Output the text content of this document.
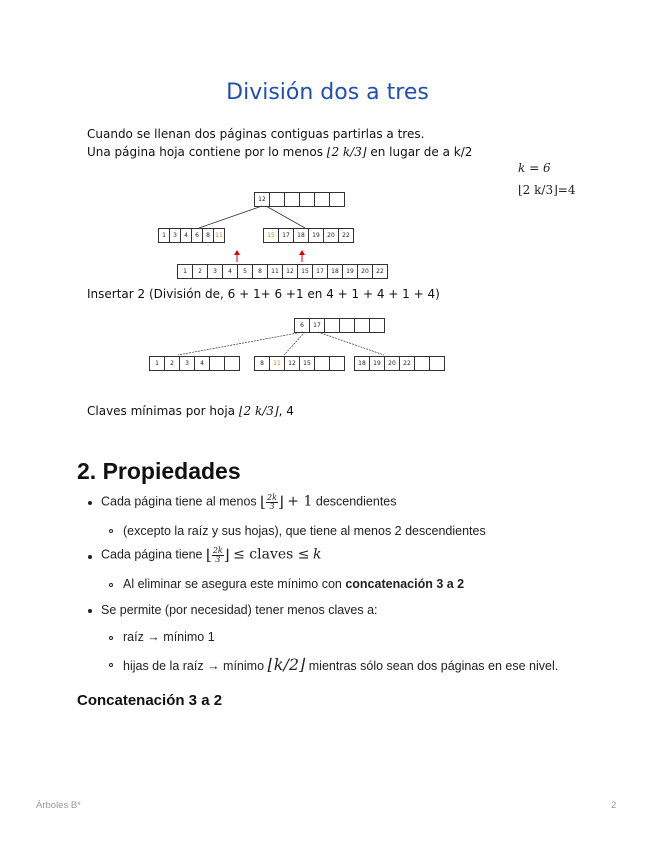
División dos a tres
Cuando se llenan dos páginas contiguas partirlas a tres.
Una página hoja contiene por lo menos ⌊2 k/3⌋ en lugar de a k/2
k = 6
⌊2 k/3⌋=4
12
1	3	4	6	8 11	15	17	18	19	20	22
1	2	3	4	5	8	11	12	15	17	18	19	20	22
Insertar 2 (División de, 6 + 1+ 6 +1 en 4 + 1 + 4 + 1 + 4)
6	17
1	2	3	4	8	11	12	15	18	19	20	22
Claves mínimas por hoja ⌊2 k/3⌋, 4
2. Propiedades
Cada página tiene al menos ⌊ $\frac{2k}{3}$ ⌋ + 1 descendientes
(excepto la raíz y sus hojas), que tiene al menos 2 descendientes
Cada página tiene ⌊ $\frac{2k}{3}$ ⌋ ≤ claves ≤ k
Al eliminar se asegura este mínimo con concatenación 3 a 2
Se permite (por necesidad) tener menos claves a:
raíz → mínimo 1
hijas de la raíz → mínimo ⌊k/2⌋ mientras sólo sean dos páginas en ese nivel.
Concatenación 3 a 2
Árboles B*	2
